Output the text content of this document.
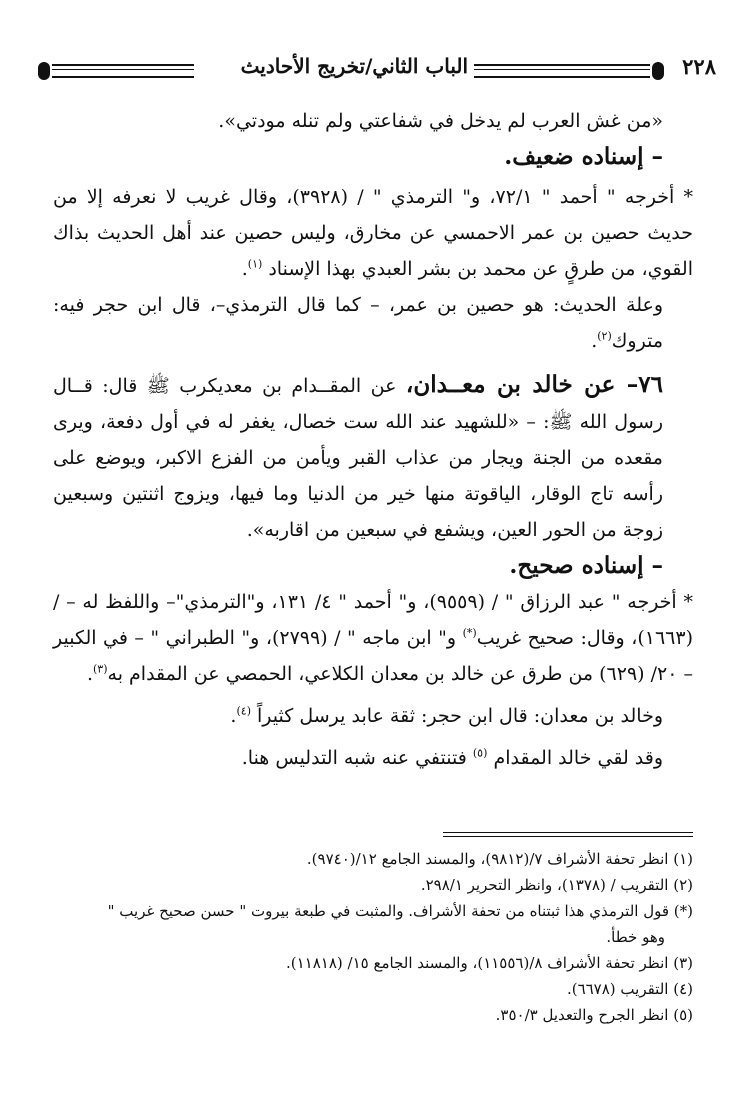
٢٢٨
الباب الثاني/تخريج الأحاديث

«من غش العرب لم يدخل في شفاعتي ولم تنله مودتي».

– إسناده ضعيف.

* أخرجه " أحمد " ٧٢/١، و" الترمذي " / (٣٩٢٨)، وقال غريب لا نعرفه إلا من حديث حصين بن عمر الاحمسي عن مخارق، وليس حصين عند أهل الحديث بذاك القوي، من طرقٍ عن محمد بن بشر العبدي بهذا الإسناد $^{(١)}$.

وعلة الحديث: هو حصين بن عمر، – كما قال الترمذي–، قال ابن حجر فيه: متروك$^{(٢)}$.

٧٦– عن خالد بن معــدان، عن المقــدام بن معديكرب ﷺ قال: قــال رسول الله ﷺ: – «للشهيد عند الله ست خصال، يغفر له في أول دفعة، ويرى مقعده من الجنة ويجار من عذاب القبر ويأمن من الفزع الاكبر، ويوضع على رأسه تاج الوقار، الياقوتة منها خير من الدنيا وما فيها، ويزوج اثنتين وسبعين زوجة من الحور العين، ويشفع في سبعين من اقاربه».

– إسناده صحيح.

* أخرجه " عبد الرزاق " / (٩٥٥٩)، و" أحمد " ٤/ ١٣١، و"الترمذي"– واللفظ له – / (١٦٦٣)، وقال: صحيح غريب(*) و" ابن ماجه " / (٢٧٩٩)، و" الطبراني " – في الكبير – ٢٠/ (٦٢٩) من طرق عن خالد بن معدان الكلاعي، الحمصي عن المقدام به$^{(٣)}$.

وخالد بن معدان: قال ابن حجر: ثقة عابد يرسل كثيراً $^{(٤)}$.

وقد لقي خالد المقدام $^{(٥)}$ فتنتفي عنه شبه التدليس هنا.

(١) انظر تحفة الأشراف ٧/(٩٨١٢)، والمسند الجامع ١٢/(٩٧٤٠).

(٢) التقريب / (١٣٧٨)، وانظر التحرير ٢٩٨/١.

(*) قول الترمذي هذا ثبتناه من تحفة الأشراف. والمثبت في طبعة بيروت " حسن صحيح غريب "

وهو خطأ.

(٣) انظر تحفة الأشراف ٨/(١١٥٥٦)، والمسند الجامع ١٥/ (١١٨١٨).

(٤) التقريب (٦٦٧٨).

(٥) انظر الجرح والتعديل ٣٥٠/٣.
